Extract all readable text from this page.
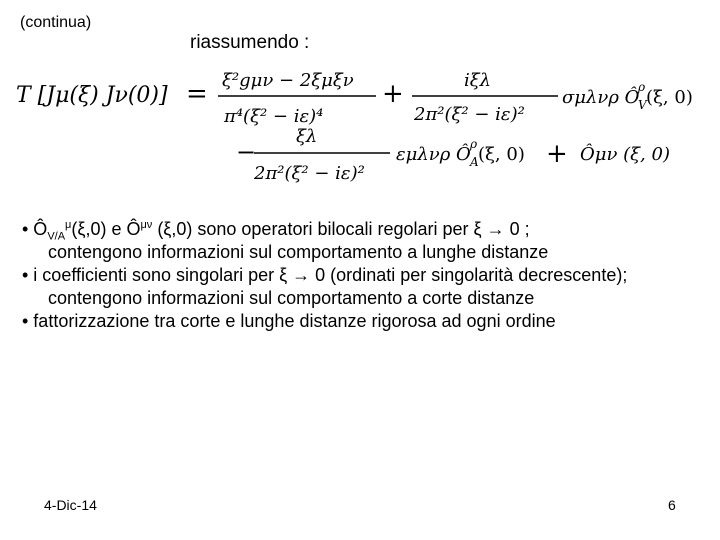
(continua)
riassumendo :
T [Jμ(ξ) Jν(0)] = ξ²gμν − 2ξμξν
π⁴(ξ² − iε)⁴
+	iξλ
2π²(ξ² − iε)²
σμλνρ Ô
ρ
V (ξ, 0)
−
ξλ
2π²(ξ² − iε)²
εμλνρ Ô ρ
A (ξ, 0) + Ôμν (ξ, 0)
• $Ô_{V/A}^\mu(\xi,0)$ e $Ô^{\mu\nu}$ (ξ,0) sono operatori bilocali regolari per ξ → 0 ;
contengono informazioni sul comportamento a lunghe distanze
• i coefficienti sono singolari per ξ → 0 (ordinati per singolarità decrescente);
contengono informazioni sul comportamento a corte distanze
• fattorizzazione tra corte e lunghe distanze rigorosa ad ogni ordine
4-Dic-14	6
